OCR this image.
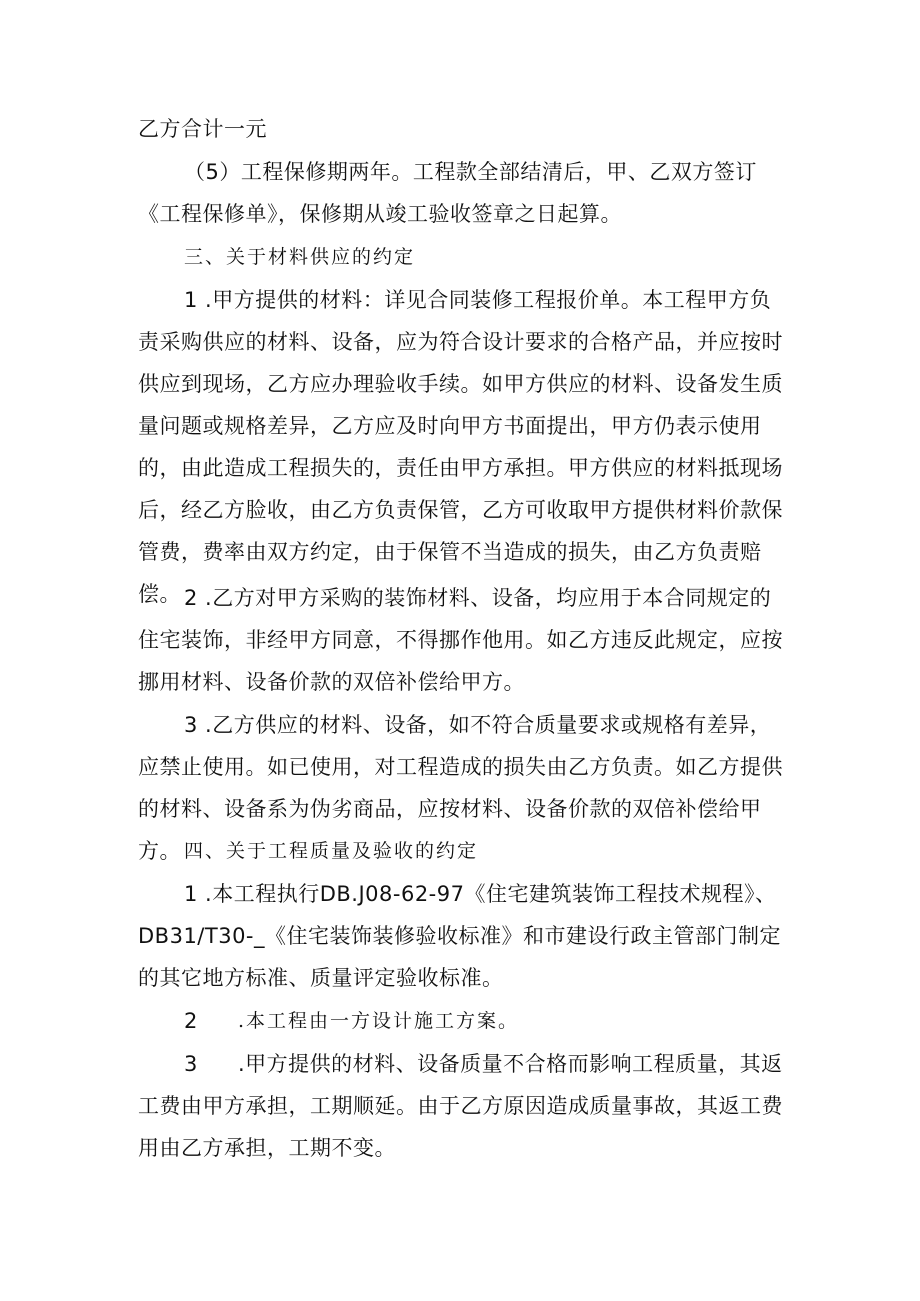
乙方合计一元
（5）工程保修期两年。工程款全部结清后，甲、乙双方签订《工程保修单》，保修期从竣工验收签章之日起算。
三、关于材料供应的约定
1 .甲方提供的材料：详见合同装修工程报价单。本工程甲方负责采购供应的材料、设备，应为符合设计要求的合格产品，并应按时供应到现场，乙方应办理验收手续。如甲方供应的材料、设备发生质量问题或规格差异，乙方应及时向甲方书面提出，甲方仍表示使用的，由此造成工程损失的，责任由甲方承担。甲方供应的材料抵现场后，经乙方脸收，由乙方负责保管，乙方可收取甲方提供材料价款保管费，费率由双方约定，由于保管不当造成的损失，由乙方负责赔偿。 2 .乙方对甲方采购的装饰材料、设备，均应用于本合同规定的住宅装饰，非经甲方同意，不得挪作他用。如乙方违反此规定，应按挪用材料、设备价款的双倍补偿给甲方。
3 .乙方供应的材料、设备，如不符合质量要求或规格有差异，应禁止使用。如已使用，对工程造成的损失由乙方负责。如乙方提供的材料、设备系为伪劣商品，应按材料、设备价款的双倍补偿给甲方。 四、关于工程质量及验收的约定
1 .本工程执行DB.J08-62-97《住宅建筑装饰工程技术规程》、DB31/T30-_《住宅装饰装修验收标准》和市建设行政主管部门制定的其它地方标准、质量评定验收标准。
2 .本工程由一方设计施工方案。
3	.甲方提供的材料、设备质量不合格而影响工程质量，其返工费由甲方承担，工期顺延。由于乙方原因造成质量事故，其返工费用由乙方承担，工期不变。
